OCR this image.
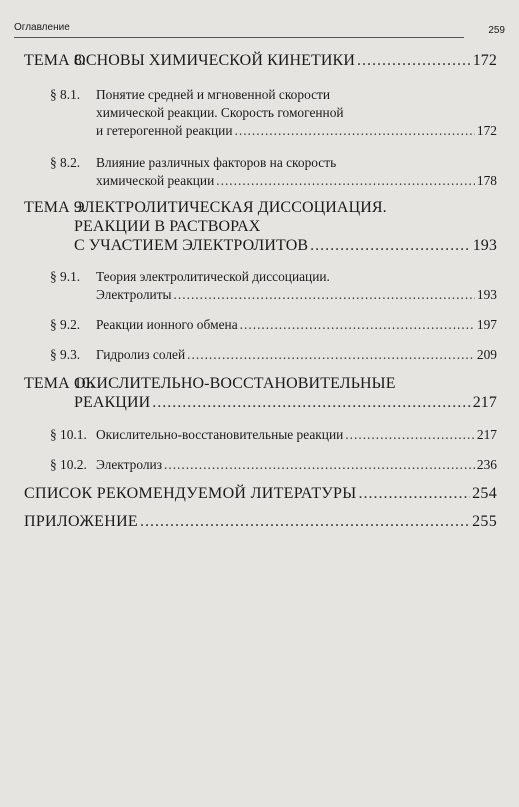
Оглавление	259
ТЕМА 8.
ОСНОВЫ ХИМИЧЕСКОЙ КИНЕТИКИ .....	172
§ 8.1.	Понятие средней и мгновенной скорости
химической реакции. Скорость гомогенной
и гетерогенной реакции .....	172
§ 8.2.	Влияние различных факторов на скорость
химической реакции .....	178
ТЕМА 9.
ЭЛЕКТРОЛИТИЧЕСКАЯ ДИССОЦИАЦИЯ.
РЕАКЦИИ В РАСТВОРАХ
С УЧАСТИЕМ ЭЛЕКТРОЛИТОВ .....	193
§ 9.1.	Теория электролитической диссоциации.
Электролиты .....	193
§ 9.2.	Реакции ионного обмена .....	197
§ 9.3.	Гидролиз солей .....	209
ТЕМА 10.
ОКИСЛИТЕЛЬНО-ВОССТАНОВИТЕЛЬНЫЕ
РЕАКЦИИ .....	217
§ 10.1. Окислительно-восстановительные реакции .....	217
§ 10.2. Электролиз .....	236
СПИСОК РЕКОМЕНДУЕМОЙ ЛИТЕРАТУРЫ .....	254
ПРИЛОЖЕНИЕ .....	255
